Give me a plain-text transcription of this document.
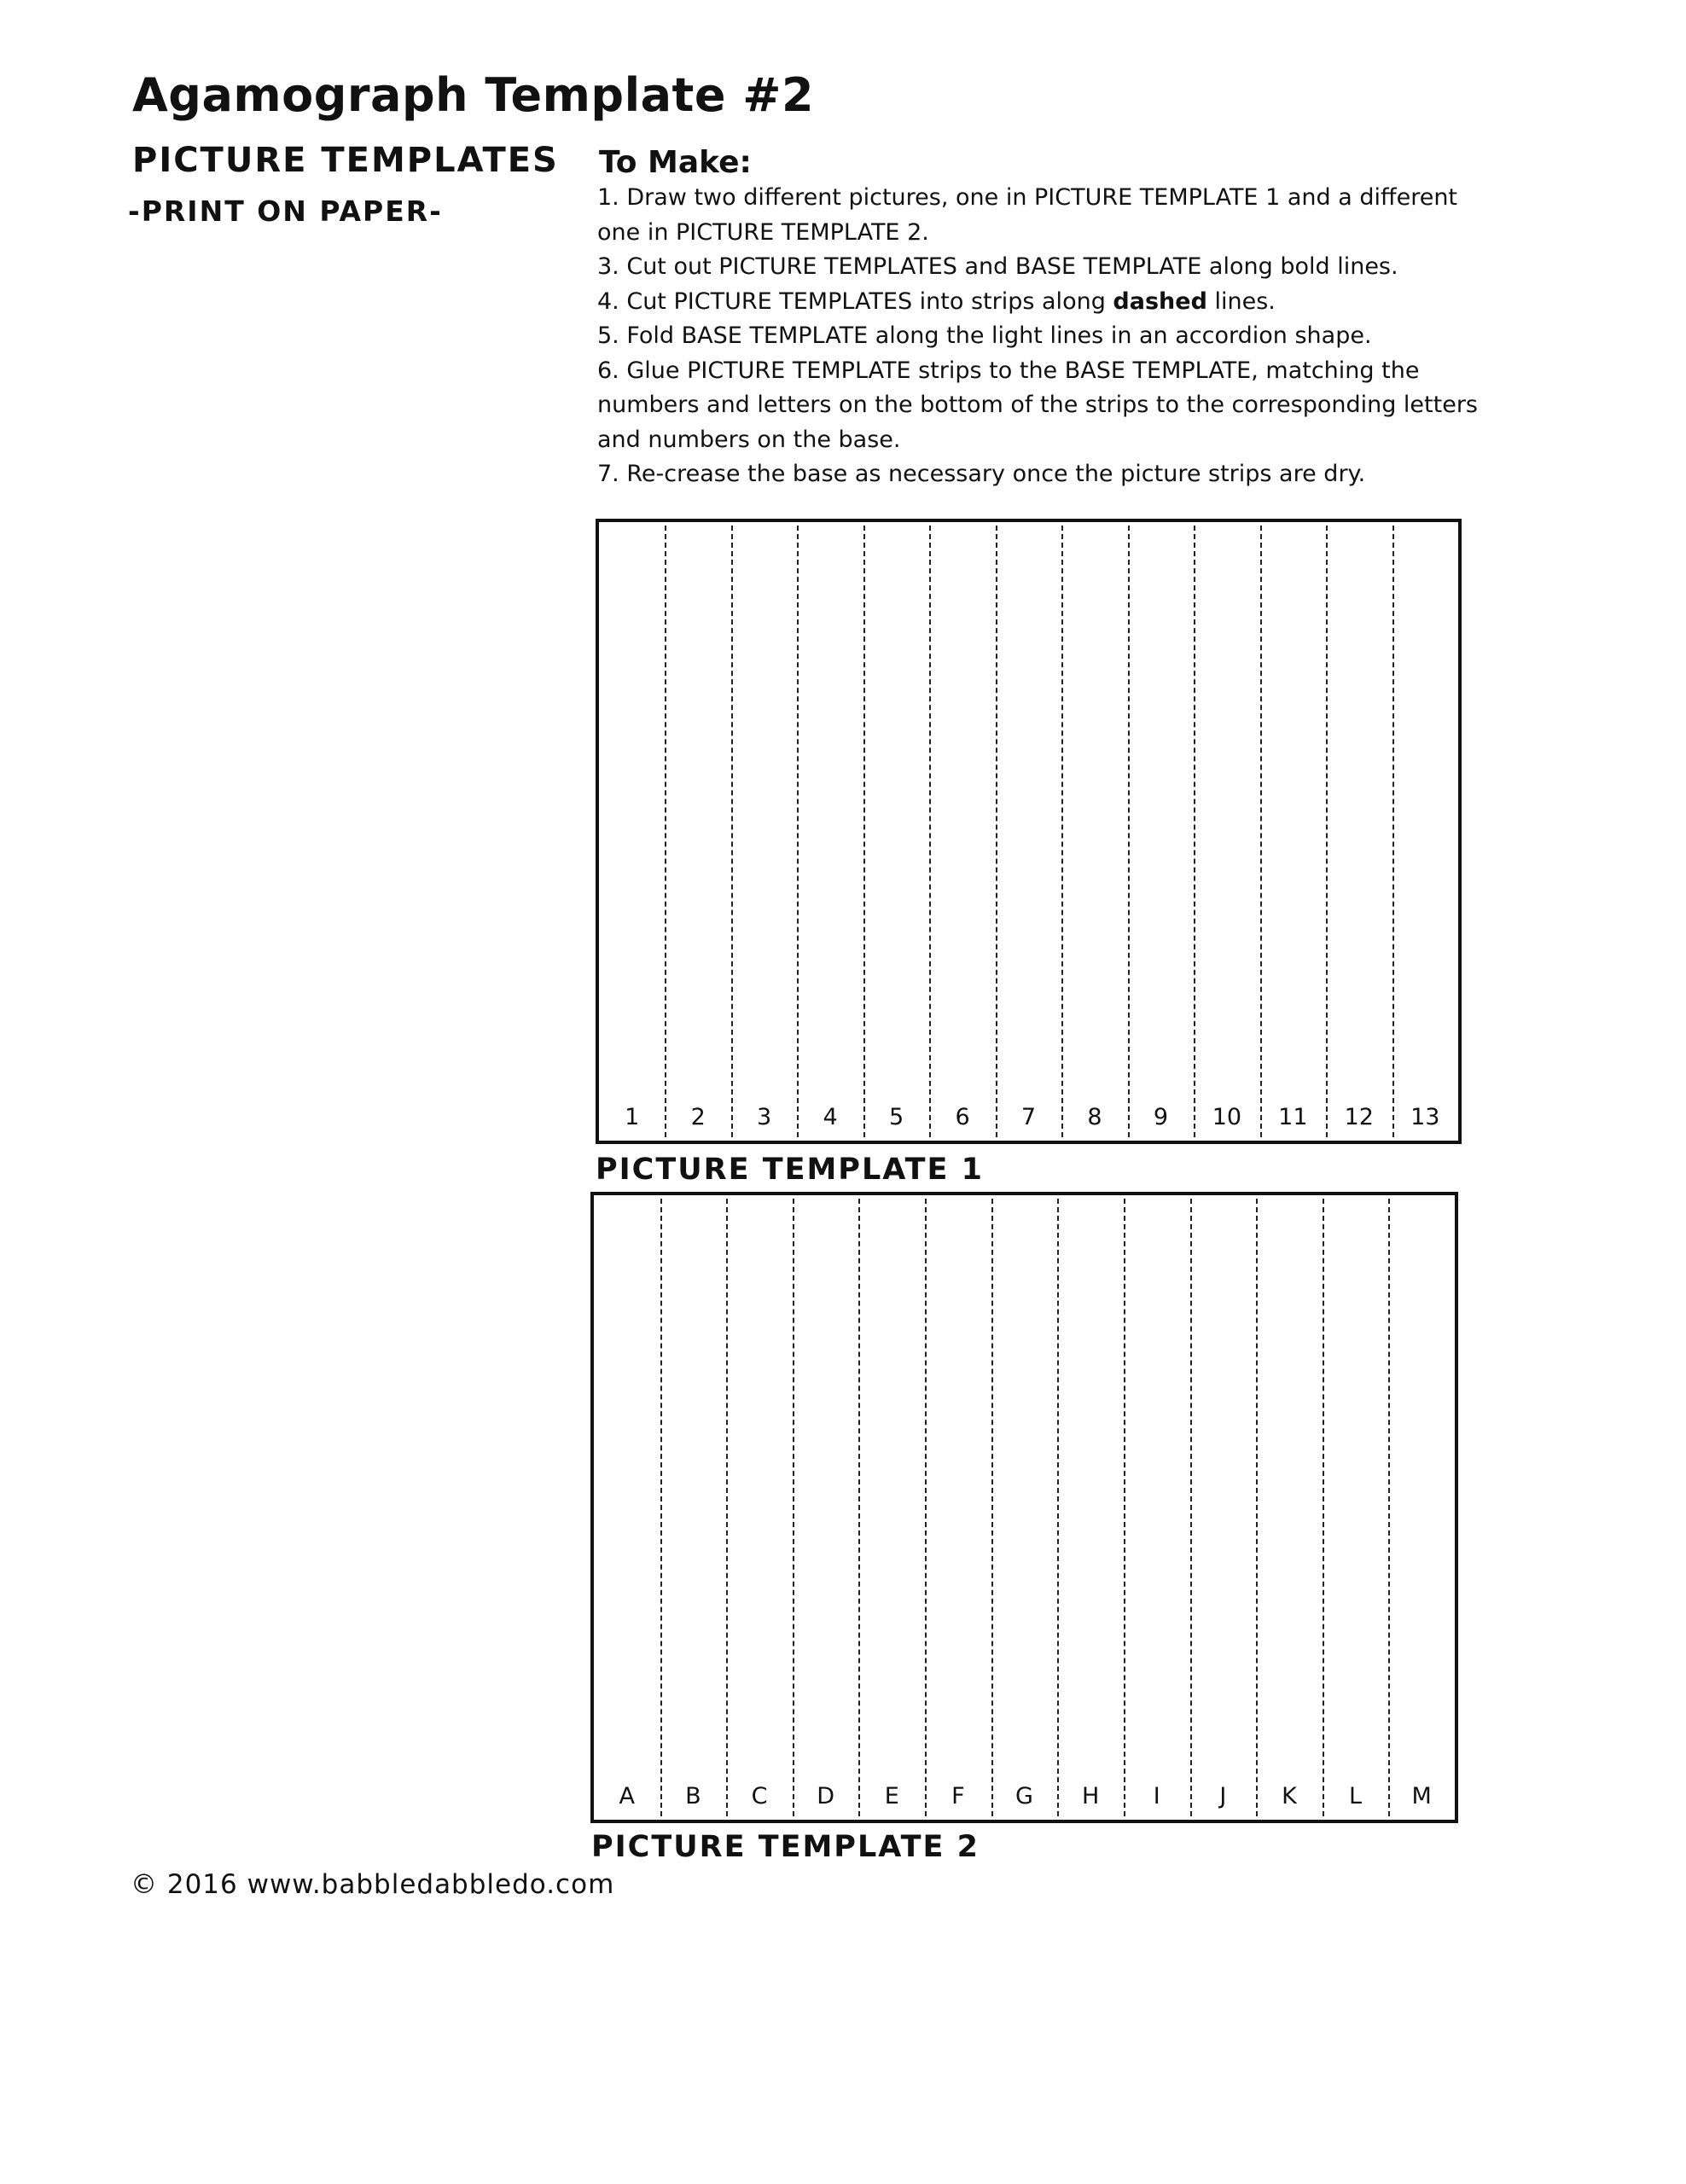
Agamograph Template #2
PICTURE TEMPLATES
-PRINT ON PAPER-
To Make:
1. Draw two different pictures, one in PICTURE TEMPLATE 1 and a different one in PICTURE TEMPLATE 2.
3. Cut out PICTURE TEMPLATES and BASE TEMPLATE along bold lines.
4. Cut PICTURE TEMPLATES into strips along dashed lines.
5. Fold BASE TEMPLATE along the light lines in an accordion shape.
6. Glue PICTURE TEMPLATE strips to the BASE TEMPLATE, matching the numbers and letters on the bottom of the strips to the corresponding letters and numbers on the base.
7. Re-crease the base as necessary once the picture strips are dry.
1	2	3	4	5	6	7	8	9	10	11	12	13
PICTURE TEMPLATE 1
A	B	C	D	E	F	G	H	I	J	K	L	M
PICTURE TEMPLATE 2
© 2016 www.babbledabbledo.com
